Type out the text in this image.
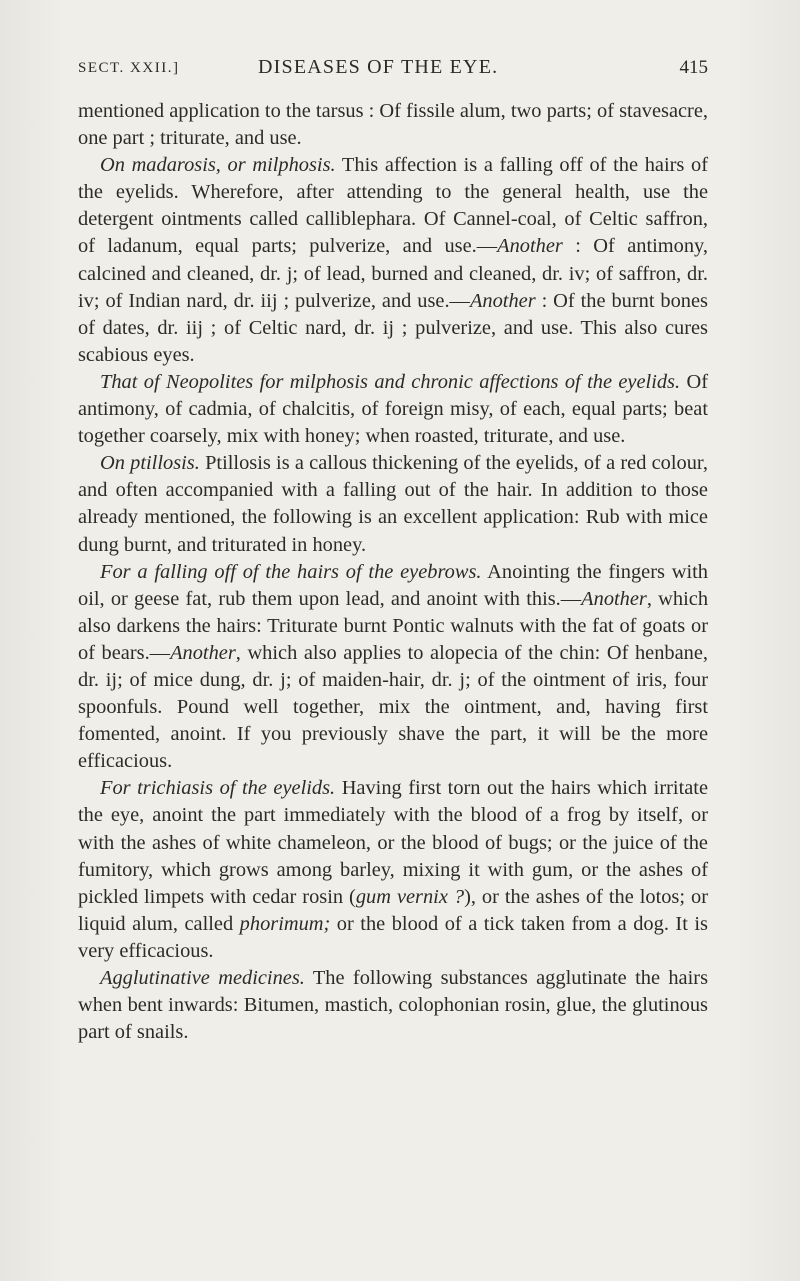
SECT. XXII.]	DISEASES OF THE EYE.	415

mentioned application to the tarsus : Of fissile alum, two parts; of stavesacre, one part ; triturate, and use.

On madarosis, or milphosis. This affection is a falling off of the hairs of the eyelids. Wherefore, after attending to the general health, use the detergent ointments called calliblephara. Of Cannel-coal, of Celtic saffron, of ladanum, equal parts; pulverize, and use.—Another : Of antimony, calcined and cleaned, dr. j; of lead, burned and cleaned, dr. iv; of saffron, dr. iv; of Indian nard, dr. iij ; pulverize, and use.—Another : Of the burnt bones of dates, dr. iij ; of Celtic nard, dr. ij ; pulverize, and use. This also cures scabious eyes.

That of Neopolites for milphosis and chronic affections of the eyelids. Of antimony, of cadmia, of chalcitis, of foreign misy, of each, equal parts; beat together coarsely, mix with honey; when roasted, triturate, and use.

On ptillosis. Ptillosis is a callous thickening of the eyelids, of a red colour, and often accompanied with a falling out of the hair. In addition to those already mentioned, the following is an excellent application: Rub with mice dung burnt, and triturated in honey.

For a falling off of the hairs of the eyebrows. Anointing the fingers with oil, or geese fat, rub them upon lead, and anoint with this.—Another, which also darkens the hairs: Triturate burnt Pontic walnuts with the fat of goats or of bears.—Another, which also applies to alopecia of the chin: Of henbane, dr. ij; of mice dung, dr. j; of maiden-hair, dr. j; of the ointment of iris, four spoonfuls. Pound well together, mix the ointment, and, having first fomented, anoint. If you previously shave the part, it will be the more efficacious.

For trichiasis of the eyelids. Having first torn out the hairs which irritate the eye, anoint the part immediately with the blood of a frog by itself, or with the ashes of white chameleon, or the blood of bugs; or the juice of the fumitory, which grows among barley, mixing it with gum, or the ashes of pickled limpets with cedar rosin (gum vernix ?), or the ashes of the lotos; or liquid alum, called phorimum; or the blood of a tick taken from a dog. It is very efficacious.

Agglutinative medicines. The following substances agglutinate the hairs when bent inwards: Bitumen, mastich, colophonian rosin, glue, the glutinous part of snails.
